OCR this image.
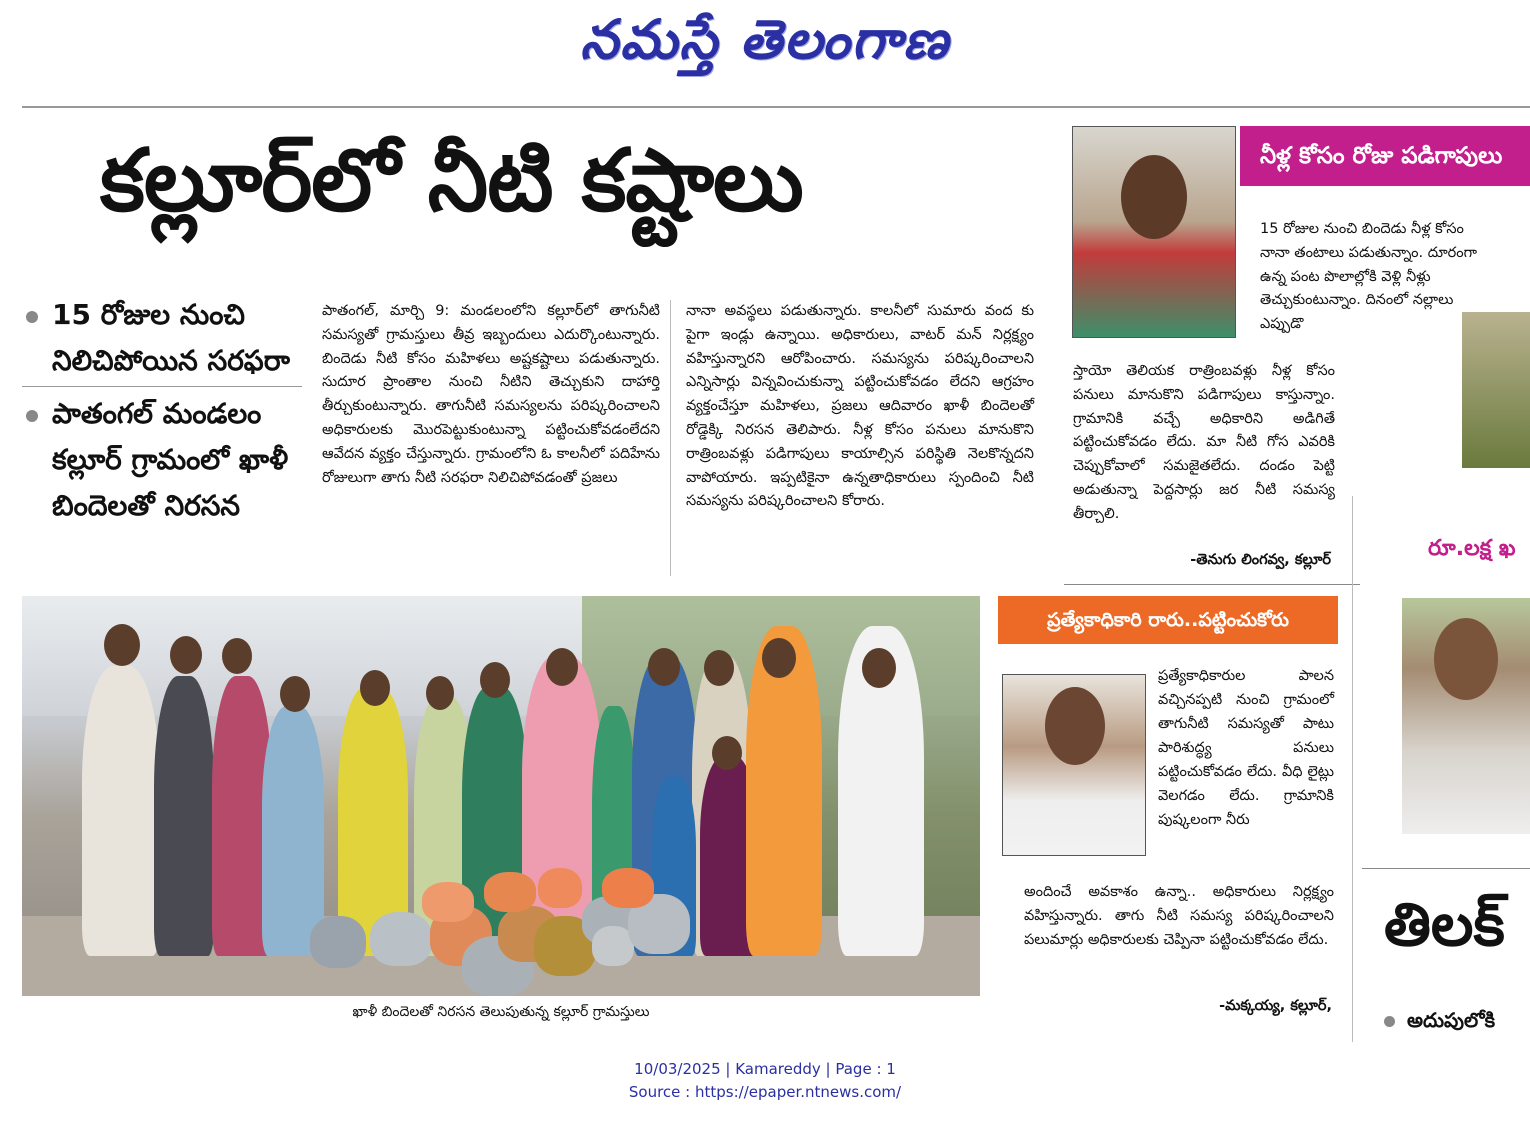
నమస్తే తెలంగాణ
కల్లూర్‌లో నీటి కష్టాలు
15 రోజుల నుంచి నిలిచిపోయిన సరఫరా
పాతంగల్ మండలం కల్లూర్ గ్రామంలో ఖాళీ బిందెలతో నిరసన
పాతంగల్, మార్చి 9: మండలంలోని కల్లూర్‌లో తాగునీటి సమస్యతో గ్రామస్తులు తీవ్ర ఇబ్బందులు ఎదుర్కొంటున్నారు. బిందెడు నీటి కోసం మహిళలు అష్టకష్టాలు పడుతున్నారు. సుదూర ప్రాంతాల నుంచి నీటిని తెచ్చుకుని దాహార్తి తీర్చుకుంటున్నారు. తాగునీటి సమస్యలను పరిష్కరించాలని అధికారులకు మొరపెట్టుకుంటున్నా పట్టించుకోవడంలేదని ఆవేదన వ్యక్తం చేస్తున్నారు. గ్రామంలోని ఓ కాలనీలో పదిహేను రోజులుగా తాగు నీటి సరఫరా నిలిచిపోవడంతో ప్రజలు
నానా అవస్థలు పడుతున్నారు. కాలనీలో సుమారు వంద కు పైగా ఇండ్లు ఉన్నాయి. అధికారులు, వాటర్ మన్ నిర్లక్ష్యం వహిస్తున్నారని ఆరోపించారు. సమస్యను పరిష్కరించాలని ఎన్నిసార్లు విన్నవించుకున్నా పట్టించుకోవడం లేదని ఆగ్రహం వ్యక్తంచేస్తూ మహిళలు, ప్రజలు ఆదివారం ఖాళీ బిందెలతో రోడ్డెక్కి నిరసన తెలిపారు. నీళ్ల కోసం పనులు మానుకొని రాత్రింబవళ్లు పడిగాపులు కాయాల్సిన పరిస్థితి నెలకొన్నదని వాపోయారు. ఇప్పటికైనా ఉన్నతాధికారులు స్పందించి నీటి సమస్యను పరిష్కరించాలని కోరారు.
ఖాళీ బిందెలతో నిరసన తెలుపుతున్న కల్లూర్ గ్రామస్తులు
నీళ్ల కోసం రోజు పడిగాపులు
15 రోజుల నుంచి బిందెడు నీళ్ల కోసం నానా తంటాలు పడుతున్నాం. దూరంగా ఉన్న పంట పొలాల్లోకి వెళ్లి నీళ్లు తెచ్చుకుంటున్నాం. దినంలో నల్లాలు ఎప్పుడొ
స్తాయో తెలియక రాత్రింబవళ్లు నీళ్ల కోసం పనులు మానుకొని పడిగాపులు కాస్తున్నాం. గ్రామానికి వచ్చే అధికారిని అడిగితే పట్టించుకోవడం లేదు. మా నీటి గోస ఎవరికి చెప్పుకోవాలో సమజైతలేదు. దండం పెట్టి అడుతున్నా పెద్దసార్లు జర నీటి సమస్య తీర్చాలి.
-తెనుగు లింగవ్వ, కల్లూర్
ప్రత్యేకాధికారి రారు..పట్టించుకోరు
ప్రత్యేకాధికారుల పాలన వచ్చినప్పటి నుంచి గ్రామంలో తాగునీటి సమస్యతో పాటు పారిశుద్ధ్య పనులు పట్టించుకోవడం లేదు. వీధి లైట్లు వెలగడం లేదు. గ్రామానికి పుష్కలంగా నీరు
అందించే అవకాశం ఉన్నా.. అధికారులు నిర్లక్ష్యం వహిస్తున్నారు. తాగు నీటి సమస్య పరిష్కరించాలని పలుమార్లు అధికారులకు చెప్పినా పట్టించుకోవడం లేదు.
-మక్కయ్య, కల్లూర్,
రూ.లక్ష ఖ
తిలక్
అదుపులోకి
10/03/2025 | Kamareddy | Page : 1
Source : https://epaper.ntnews.com/
